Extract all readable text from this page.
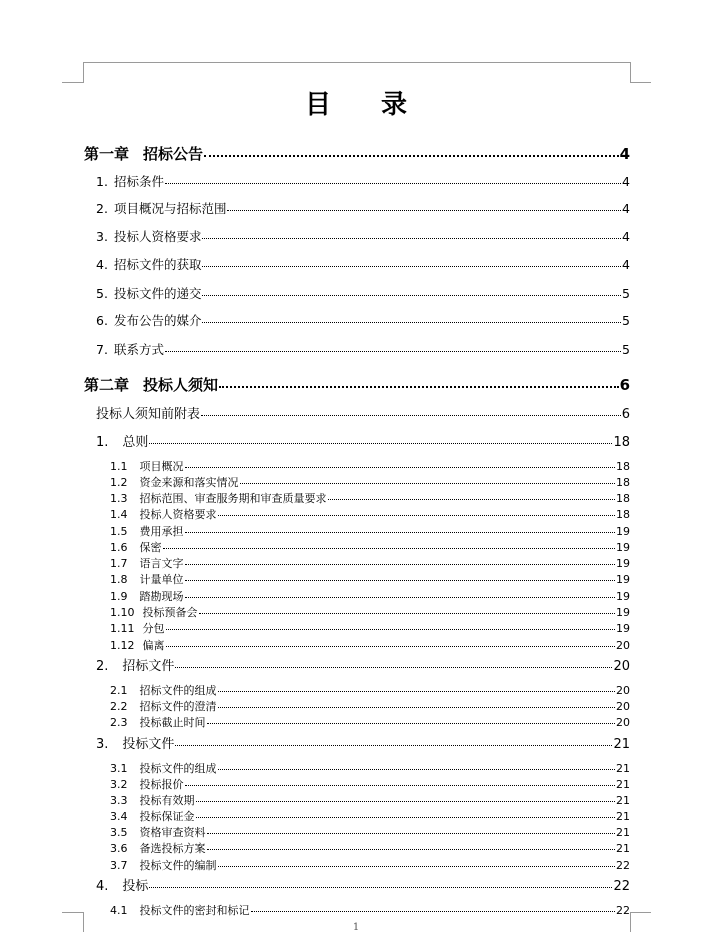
目 录
第一章 招标公告	4
1. 招标条件	4
2. 项目概况与招标范围	4
3. 投标人资格要求	4
4. 招标文件的获取	4
5. 投标文件的递交	5
6. 发布公告的媒介	5
7. 联系方式	5
第二章 投标人须知	6
投标人须知前附表	6
1. 总则	18
1.1 项目概况	18
1.2 资金来源和落实情况	18
1.3 招标范围、审查服务期和审查质量要求	18
1.4 投标人资格要求	18
1.5 费用承担	19
1.6 保密	19
1.7 语言文字	19
1.8 计量单位	19
1.9 踏勘现场	19
1.10 投标预备会	19
1.11 分包	19
1.12 偏离	20
2. 招标文件	20
2.1 招标文件的组成	20
2.2 招标文件的澄清	20
2.3 投标截止时间	20
3. 投标文件	21
3.1 投标文件的组成	21
3.2 投标报价	21
3.3 投标有效期	21
3.4 投标保证金	21
3.5 资格审查资料	21
3.6 备选投标方案	21
3.7 投标文件的编制	22
4. 投标	22
4.1 投标文件的密封和标记	22
1
